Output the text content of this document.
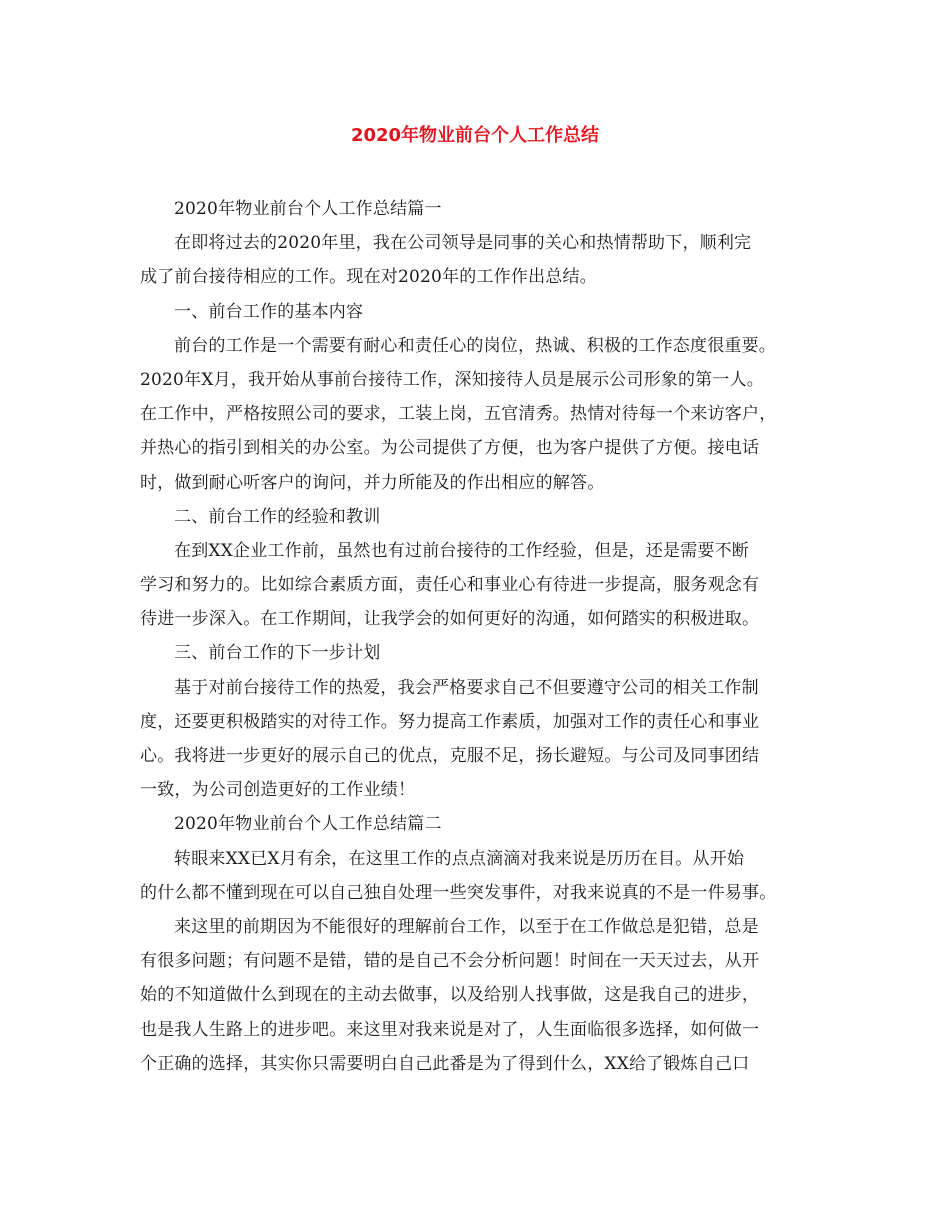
2020年物业前台个人工作总结
2020年物业前台个人工作总结篇一
在即将过去的2020年里，我在公司领导是同事的关心和热情帮助下，顺利完
成了前台接待相应的工作。现在对2020年的工作作出总结。
一、前台工作的基本内容
前台的工作是一个需要有耐心和责任心的岗位，热诚、积极的工作态度很重要。
2020年X月，我开始从事前台接待工作，深知接待人员是展示公司形象的第一人。
在工作中，严格按照公司的要求，工装上岗，五官清秀。热情对待每一个来访客户，
并热心的指引到相关的办公室。为公司提供了方便，也为客户提供了方便。接电话
时，做到耐心听客户的询问，并力所能及的作出相应的解答。
二、前台工作的经验和教训
在到XX企业工作前，虽然也有过前台接待的工作经验，但是，还是需要不断
学习和努力的。比如综合素质方面，责任心和事业心有待进一步提高，服务观念有
待进一步深入。在工作期间，让我学会的如何更好的沟通，如何踏实的积极进取。
三、前台工作的下一步计划
基于对前台接待工作的热爱，我会严格要求自己不但要遵守公司的相关工作制
度，还要更积极踏实的对待工作。努力提高工作素质，加强对工作的责任心和事业
心。我将进一步更好的展示自己的优点，克服不足，扬长避短。与公司及同事团结
一致，为公司创造更好的工作业绩！
2020年物业前台个人工作总结篇二
转眼来XX已X月有余，在这里工作的点点滴滴对我来说是历历在目。从开始
的什么都不懂到现在可以自己独自处理一些突发事件，对我来说真的不是一件易事。
来这里的前期因为不能很好的理解前台工作，以至于在工作做总是犯错，总是
有很多问题；有问题不是错，错的是自己不会分析问题！时间在一天天过去，从开
始的不知道做什么到现在的主动去做事，以及给别人找事做，这是我自己的进步，
也是我人生路上的进步吧。来这里对我来说是对了，人生面临很多选择，如何做一
个正确的选择，其实你只需要明白自己此番是为了得到什么，XX给了锻炼自己口
